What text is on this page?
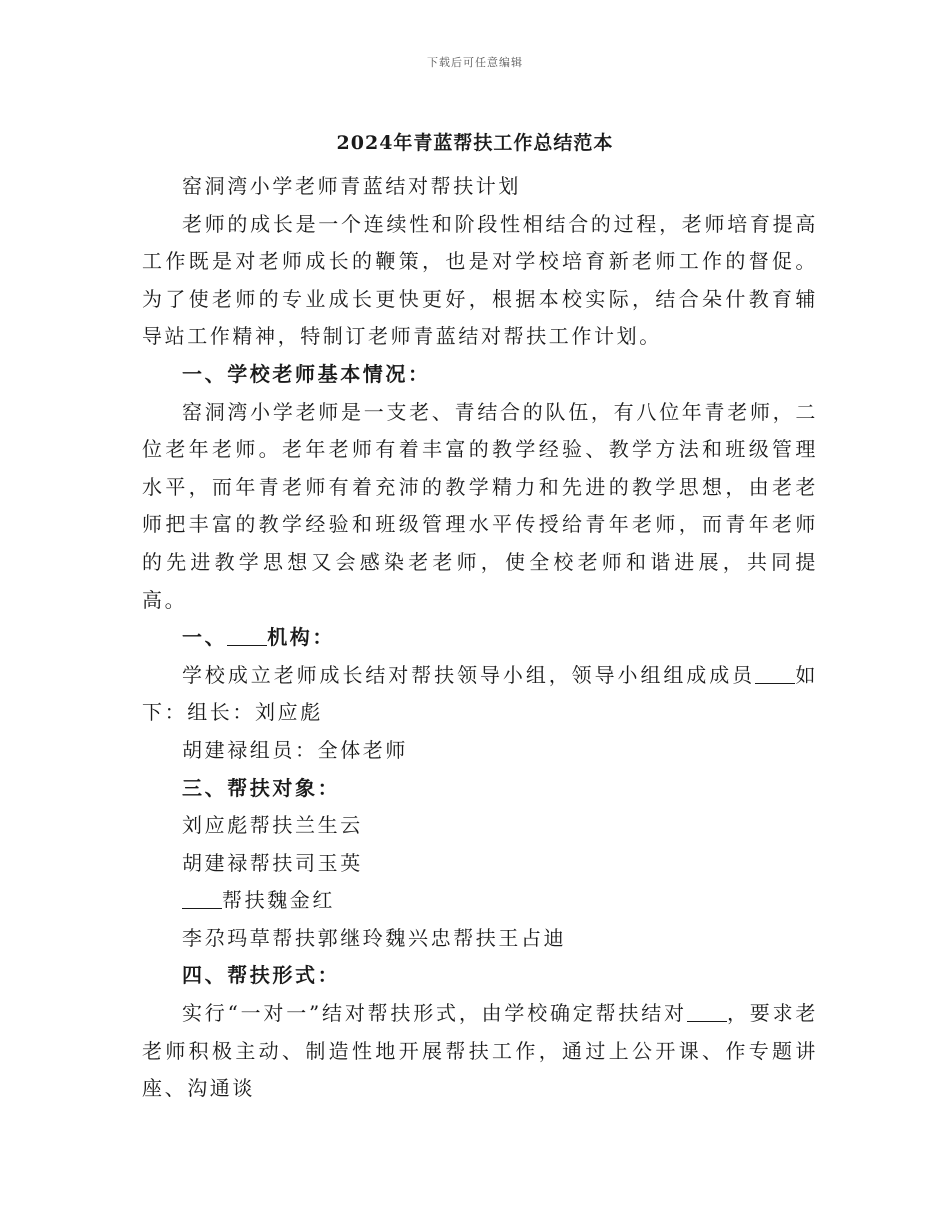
下载后可任意编辑
2024年青蓝帮扶工作总结范本

窑洞湾小学老师青蓝结对帮扶计划

老师的成长是一个连续性和阶段性相结合的过程，老师培育提高工作既是对老师成长的鞭策，也是对学校培育新老师工作的督促。为了使老师的专业成长更快更好，根据本校实际，结合朵什教育辅导站工作精神，特制订老师青蓝结对帮扶工作计划。

一、学校老师基本情况：

窑洞湾小学老师是一支老、青结合的队伍，有八位年青老师，二位老年老师。老年老师有着丰富的教学经验、教学方法和班级管理水平，而年青老师有着充沛的教学精力和先进的教学思想，由老老师把丰富的教学经验和班级管理水平传授给青年老师，而青年老师的先进教学思想又会感染老老师，使全校老师和谐进展，共同提高。

一、 机构：

学校成立老师成长结对帮扶领导小组，领导小组组成成员 如下：组长：刘应彪

胡建禄组员：全体老师

三、帮扶对象：

刘应彪帮扶兰生云

胡建禄帮扶司玉英

帮扶魏金红

李尕玛草帮扶郭继玲魏兴忠帮扶王占迪

四、帮扶形式：

实行“一对一”结对帮扶形式，由学校确定帮扶结对 ，要求老老师积极主动、制造性地开展帮扶工作，通过上公开课、作专题讲座、沟通谈
